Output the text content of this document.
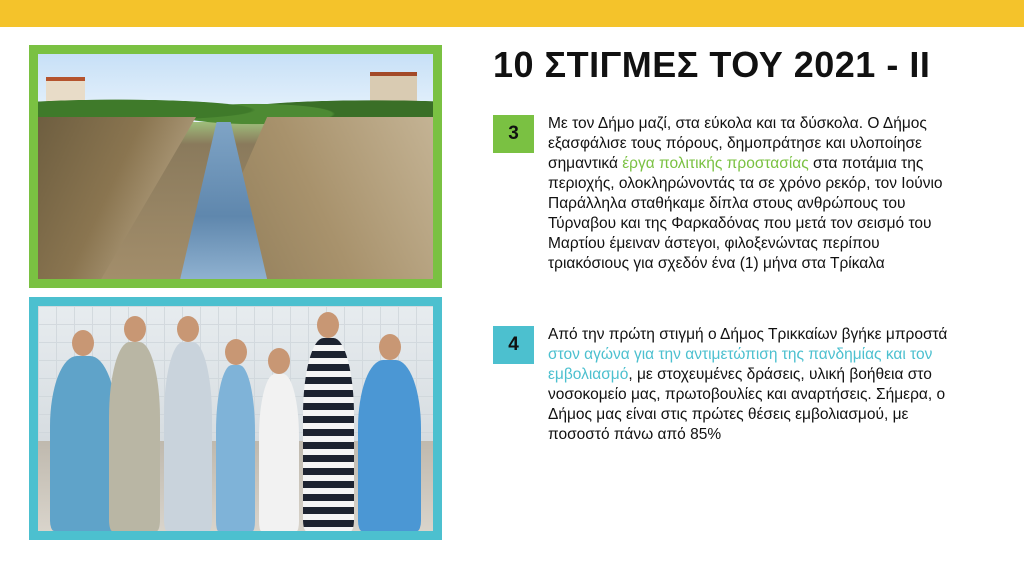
10 ΣΤΙΓΜΕΣ ΤΟΥ 2021 - ΙΙ
3	Με τον Δήμο μαζί, στα εύκολα και τα δύσκολα. Ο Δήμος εξασφάλισε τους πόρους, δημοπράτησε και υλοποίησε σημαντικά έργα πολιτικής προστασίας στα ποτάμια της περιοχής, ολοκληρώνοντάς τα σε χρόνο ρεκόρ, τον Ιούνιο
Παράλληλα σταθήκαμε δίπλα στους ανθρώπους του Τύρναβου και της Φαρκαδόνας που μετά τον σεισμό του Μαρτίου έμειναν άστεγοι, φιλοξενώντας περίπου τριακόσιους για σχεδόν ένα (1) μήνα στα Τρίκαλα

4	Από την πρώτη στιγμή ο Δήμος Τρικκαίων βγήκε μπροστά στον αγώνα για την αντιμετώπιση της πανδημίας και τον εμβολιασμό, με στοχευμένες δράσεις, υλική βοήθεια στο νοσοκομείο μας, πρωτοβουλίες και αναρτήσεις. Σήμερα, ο Δήμος μας είναι στις πρώτες θέσεις εμβολιασμού, με ποσοστό πάνω από 85%
